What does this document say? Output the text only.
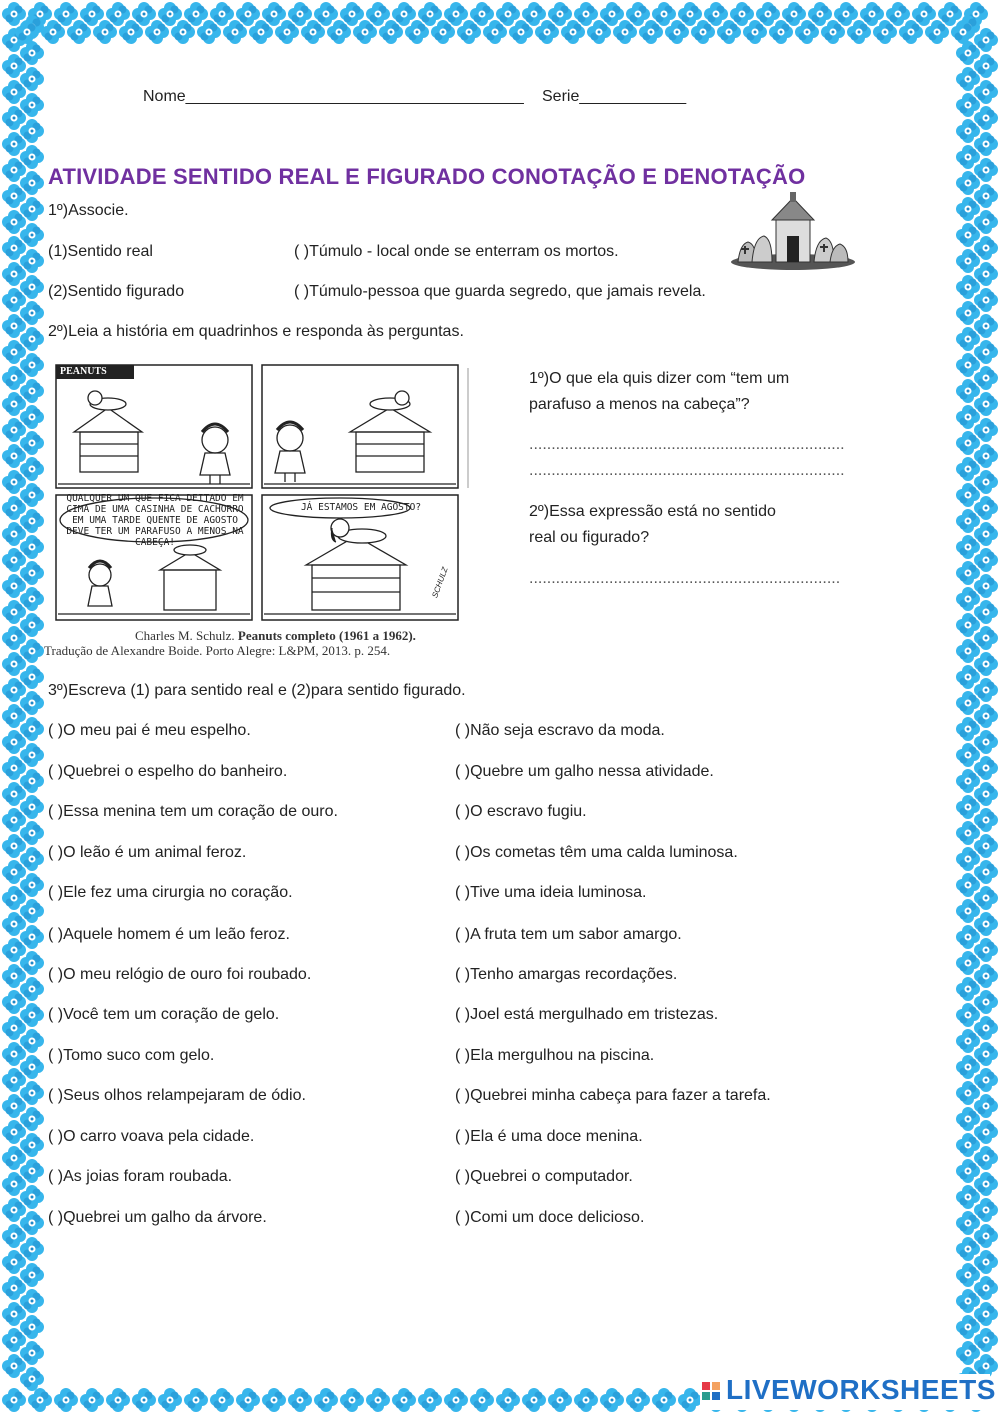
Nome______________________________________ Serie____________
ATIVIDADE SENTIDO REAL E FIGURADO CONOTAÇÃO E DENOTAÇÃO
1º)Associe.
(1)Sentido real
(2)Sentido figurado
( )Túmulo - local onde se enterram os mortos.
( )Túmulo-pessoa que guarda segredo, que jamais revela.
2º)Leia a história em quadrinhos e responda às perguntas.
PEANUTS
QUALQUER UM QUE FICA DEITADO EM CIMA DE UMA CASINHA DE CACHORRO EM UMA TARDE QUENTE DE AGOSTO DEVE TER UM PARAFUSO A MENOS NA CABEÇA!
JÁ ESTAMOS EM AGOSTO?
SCHULZ
Charles M. Schulz. Peanuts completo (1961 a 1962).
Tradução de Alexandre Boide. Porto Alegre: L&PM, 2013. p. 254.
1º)O que ela quis dizer com “tem um
parafuso a menos na cabeça”?
.......................................................................
.......................................................................
2º)Essa expressão está no sentido
real ou figurado?
......................................................................
3º)Escreva (1) para sentido real e (2)para sentido figurado.
( )O meu pai é meu espelho.
( )Quebrei o espelho do banheiro.
( )Essa menina tem um coração de ouro.
( )O leão é um animal feroz.
( )Ele fez uma cirurgia no coração.
( )Aquele homem é um leão feroz.
( )O meu relógio de ouro foi roubado.
( )Você tem um coração de gelo.
( )Tomo suco com gelo.
( )Seus olhos relampejaram de ódio.
( )O carro voava pela cidade.
( )As joias foram roubada.
( )Quebrei um galho da árvore.
( )Não seja escravo da moda.
( )Quebre um galho nessa atividade.
( )O escravo fugiu.
( )Os cometas têm uma calda luminosa.
( )Tive uma ideia luminosa.
( )A fruta tem um sabor amargo.
( )Tenho amargas recordações.
( )Joel está mergulhado em tristezas.
( )Ela mergulhou na piscina.
( )Quebrei minha cabeça para fazer a tarefa.
( )Ela é uma doce menina.
( )Quebrei o computador.
( )Comi um doce delicioso.
LIVEWORKSHEETS
